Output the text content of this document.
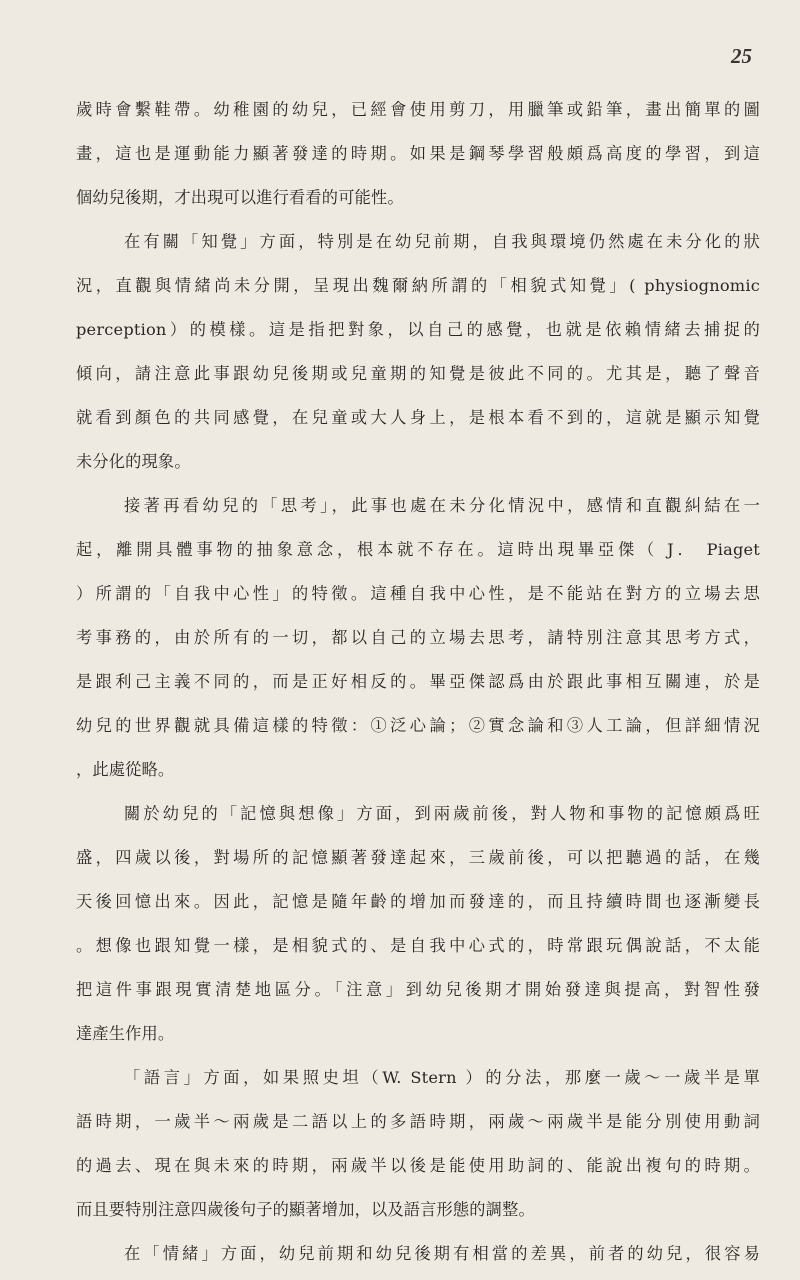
25
歲時會繫鞋帶。幼稚園的幼兒，已經會使用剪刀，用臘筆或鉛筆，畫出簡單的圖
畫，這也是運動能力顯著發達的時期。如果是鋼琴學習般頗爲高度的學習，到這
個幼兒後期，才出現可以進行看看的可能性。
在有關「知覺」方面，特別是在幼兒前期，自我與環境仍然處在未分化的狀
況，直觀與情緒尚未分開，呈現出魏爾納所謂的「相貌式知覺」( physiognomic
perception）的模樣。這是指把對象，以自己的感覺，也就是依賴情緒去捕捉的
傾向，請注意此事跟幼兒後期或兒童期的知覺是彼此不同的。尤其是，聽了聲音
就看到顏色的共同感覺，在兒童或大人身上，是根本看不到的，這就是顯示知覺
未分化的現象。
接著再看幼兒的「思考」，此事也處在未分化情況中，感情和直觀糾結在一
起，離開具體事物的抽象意念，根本就不存在。這時出現畢亞傑（ J． Piaget
）所謂的「自我中心性」的特徵。這種自我中心性，是不能站在對方的立場去思
考事務的，由於所有的一切，都以自己的立場去思考，請特別注意其思考方式，
是跟利己主義不同的，而是正好相反的。畢亞傑認爲由於跟此事相互關連，於是
幼兒的世界觀就具備這樣的特徵：①泛心論；②實念論和③人工論，但詳細情況
，此處從略。
關於幼兒的「記憶與想像」方面，到兩歲前後，對人物和事物的記憶頗爲旺
盛，四歲以後，對場所的記憶顯著發達起來，三歲前後，可以把聽過的話，在幾
天後回憶出來。因此，記憶是隨年齡的增加而發達的，而且持續時間也逐漸變長
。想像也跟知覺一樣，是相貌式的、是自我中心式的，時常跟玩偶說話，不太能
把這件事跟現實清楚地區分。「注意」到幼兒後期才開始發達與提高，對智性發
達產生作用。
「語言」方面，如果照史坦（W. Stern ）的分法，那麼一歲～一歲半是單
語時期，一歲半～兩歲是二語以上的多語時期，兩歲～兩歲半是能分別使用動詞
的過去、現在與未來的時期，兩歲半以後是能使用助詞的、能說出複句的時期。
而且要特別注意四歲後句子的顯著增加，以及語言形態的調整。
在「情緒」方面，幼兒前期和幼兒後期有相當的差異，前者的幼兒，很容易
